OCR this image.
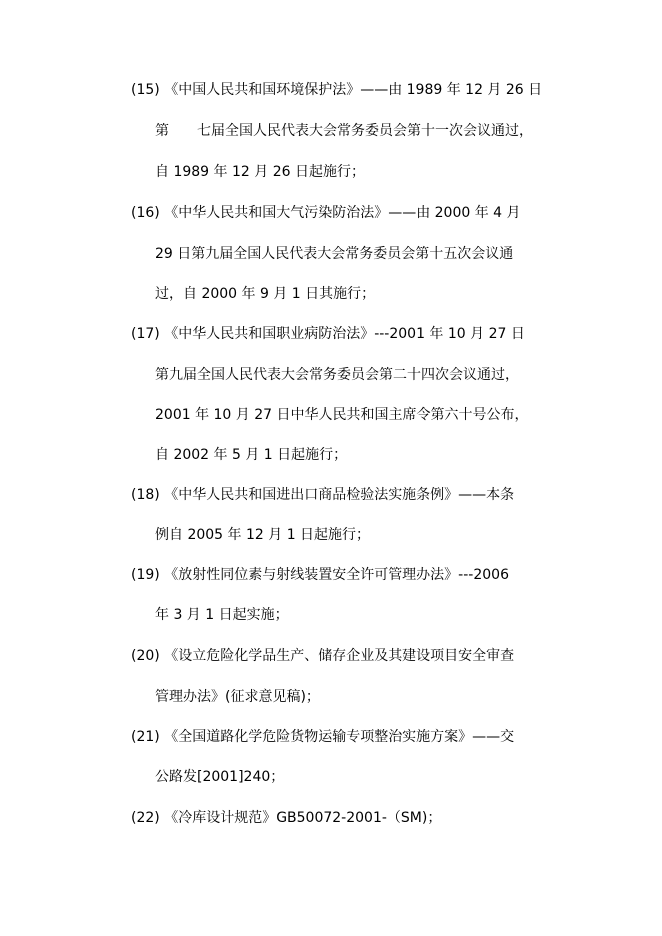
(15) 《中国人民共和国环境保护法》——由 1989 年 12 月 26 日
第　　七届全国人民代表大会常务委员会第十一次会议通过，
自 1989 年 12 月 26 日起施行；
(16) 《中华人民共和国大气污染防治法》——由 2000 年 4 月
29 日第九届全国人民代表大会常务委员会第十五次会议通
过，自 2000 年 9 月 1 日其施行；
(17) 《中华人民共和国职业病防治法》---2001 年 10 月 27 日
第九届全国人民代表大会常务委员会第二十四次会议通过，
2001 年 10 月 27 日中华人民共和国主席令第六十号公布，
自 2002 年 5 月 1 日起施行；
(18) 《中华人民共和国进出口商品检验法实施条例》——本条
例自 2005 年 12 月 1 日起施行；
(19) 《放射性同位素与射线装置安全许可管理办法》---2006
年 3 月 1 日起实施；
(20) 《设立危险化学品生产、储存企业及其建设项目安全审查
管理办法》(征求意见稿)；
(21) 《全国道路化学危险货物运输专项整治实施方案》——交
公路发[2001]240；
(22) 《冷库设计规范》GB50072-2001-（SM)；
